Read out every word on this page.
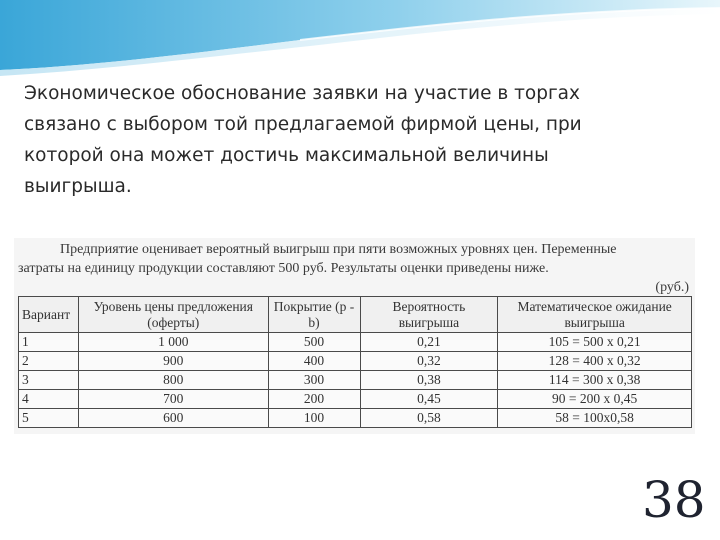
Экономическое обоснование заявки на участие в торгах
связано с выбором той предлагаемой фирмой цены, при
которой она может достичь максимальной величины
выигрыша.
Предприятие оценивает вероятный выигрыш при пяти возможных уровнях цен. Переменные
затраты на единицу продукции составляют 500 руб. Результаты оценки приведены ниже.
(руб.)
Вариант	Уровень цены предложения (оферты)	Покрытие (р - b)	Вероятность выигрыша	Математическое ожидание выигрыша
1	1 000	500	0,21	105 = 500 х 0,21
2	900	400	0,32	128 = 400 х 0,32
3	800	300	0,38	114 = 300 х 0,38
4	700	200	0,45	90 = 200 х 0,45
5	600	100	0,58	58 = 100х0,58
38
